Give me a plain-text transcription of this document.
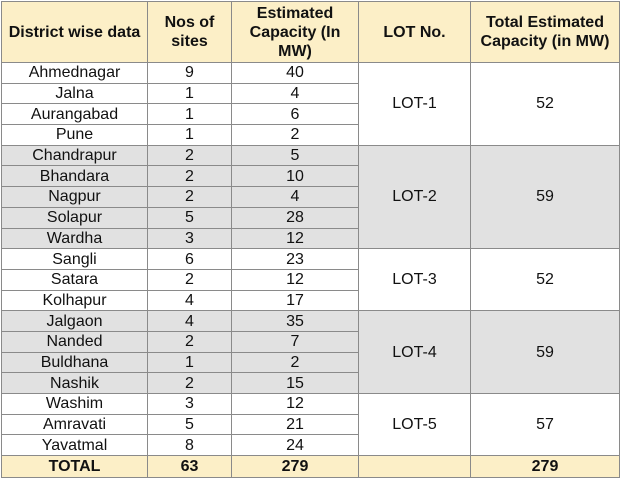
District wise data	Nos of sites	Estimated Capacity (In MW)	LOT No.	Total Estimated Capacity (in MW)
Ahmednagar	9	40	LOT-1	52
Jalna	1	4		
Aurangabad	1	6		
Pune	1	2		
Chandrapur	2	5	LOT-2	59
Bhandara	2	10		
Nagpur	2	4		
Solapur	5	28		
Wardha	3	12		
Sangli	6	23	LOT-3	52
Satara	2	12		
Kolhapur	4	17		
Jalgaon	4	35	LOT-4	59
Nanded	2	7		
Buldhana	1	2		
Nashik	2	15		
Washim	3	12	LOT-5	57
Amravati	5	21		
Yavatmal	8	24		
TOTAL	63	279		279
